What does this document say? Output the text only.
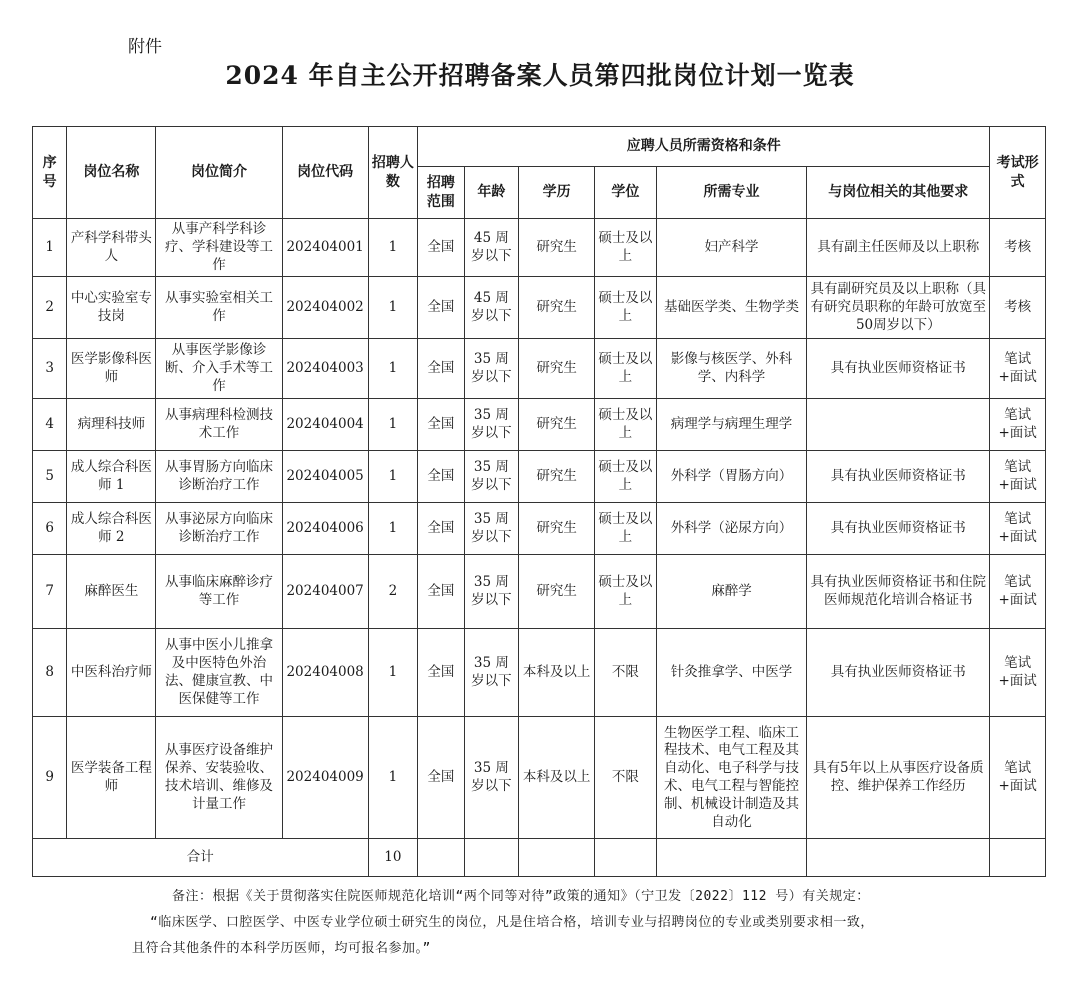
附件
2024 年自主公开招聘备案人员第四批岗位计划一览表
序号	岗位名称	岗位简介	岗位代码	招聘人数	应聘人员所需资格和条件						考试形式
					招聘范围	年龄	学历	学位	所需专业	与岗位相关的其他要求	
1	产科学科带头人	从事产科学科诊疗、学科建设等工作	202404001	1	全国	45 周岁以下	研究生	硕士及以上	妇产科学	具有副主任医师及以上职称	考核
2	中心实验室专技岗	从事实验室相关工作	202404002	1	全国	45 周岁以下	研究生	硕士及以上	基础医学类、生物学类	具有副研究员及以上职称（具有研究员职称的年龄可放宽至50周岁以下）	考核
3	医学影像科医师	从事医学影像诊断、介入手术等工作	202404003	1	全国	35 周岁以下	研究生	硕士及以上	影像与核医学、外科学、内科学	具有执业医师资格证书	笔试+面试
4	病理科技师	从事病理科检测技术工作	202404004	1	全国	35 周岁以下	研究生	硕士及以上	病理学与病理生理学		笔试+面试
5	成人综合科医师 1	从事胃肠方向临床诊断治疗工作	202404005	1	全国	35 周岁以下	研究生	硕士及以上	外科学（胃肠方向）	具有执业医师资格证书	笔试+面试
6	成人综合科医师 2	从事泌尿方向临床诊断治疗工作	202404006	1	全国	35 周岁以下	研究生	硕士及以上	外科学（泌尿方向）	具有执业医师资格证书	笔试+面试
7	麻醉医生	从事临床麻醉诊疗等工作	202404007	2	全国	35 周岁以下	研究生	硕士及以上	麻醉学	具有执业医师资格证书和住院医师规范化培训合格证书	笔试+面试
8	中医科治疗师	从事中医小儿推拿及中医特色外治法、健康宣教、中医保健等工作	202404008	1	全国	35 周岁以下	本科及以上	不限	针灸推拿学、中医学	具有执业医师资格证书	笔试+面试
9	医学装备工程师	从事医疗设备维护保养、安装验收、技术培训、维修及计量工作	202404009	1	全国	35 周岁以下	本科及以上	不限	生物医学工程、临床工程技术、电气工程及其自动化、电子科学与技术、电气工程与智能控制、机械设计制造及其自动化	具有5年以上从事医疗设备质控、维护保养工作经历	笔试+面试
合计				10							
备注：根据《关于贯彻落实住院医师规范化培训“两个同等对待”政策的通知》（宁卫发〔2022〕112 号）有关规定：
“临床医学、口腔医学、中医专业学位硕士研究生的岗位，凡是住培合格，培训专业与招聘岗位的专业或类别要求相一致，
且符合其他条件的本科学历医师，均可报名参加。”
